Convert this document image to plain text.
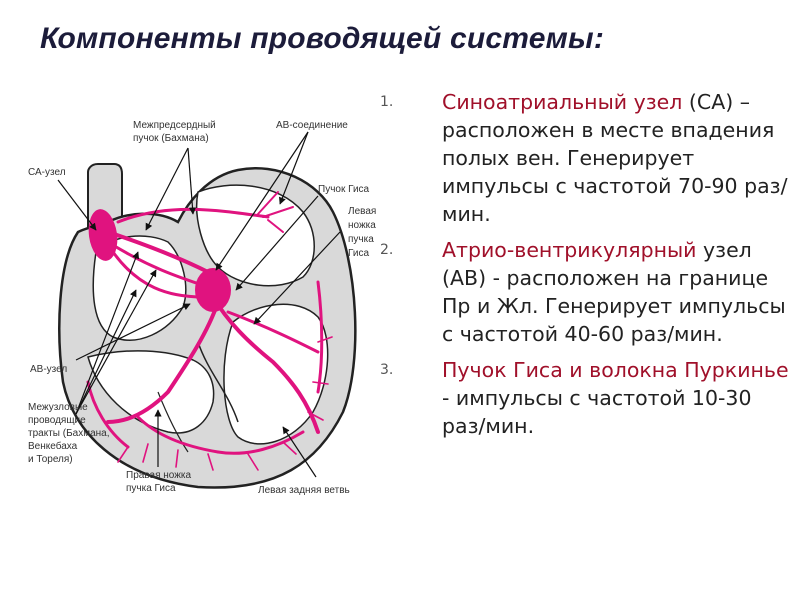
Компоненты проводящей системы:
СА-узел
Межпредсердный
пучок (Бахмана)
АВ-соединение
Пучок Гиса
Левая
ножка
пучка
Гиса
АВ-узел
Межузловые
проводящие
тракты (Бахмана,
Венкебаха
и Тореля)
Правая ножка
пучка Гиса	Левая задняя ветвь
1.	Синоатриальный узел (СА) – расположен в месте впадения полых вен. Генерирует импульсы с частотой 70-90 раз/мин.
2.	Атрио-вентрикулярный узел (АВ) - расположен на границе Пр и Жл. Генерирует импульсы с частотой 40-60 раз/мин.
3.	Пучок Гиса и волокна Пуркинье - импульсы с частотой 10-30 раз/мин.
